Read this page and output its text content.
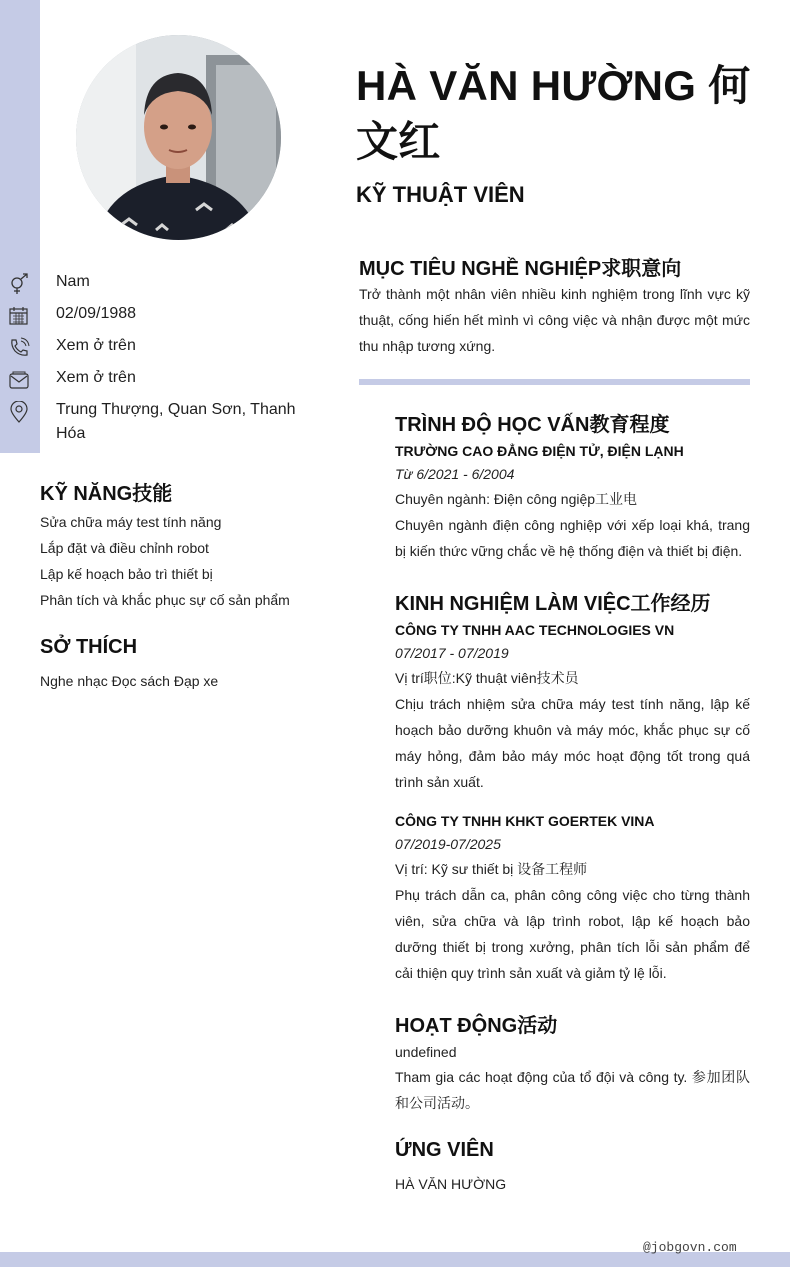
Nam
02/09/1988
Xem ở trên
Xem ở trên
Trung Thượng, Quan Sơn, Thanh Hóa
KỸ NĂNG技能
Sửa chữa máy test tính năng
Lắp đặt và điều chỉnh robot
Lập kế hoạch bảo trì thiết bị
Phân tích và khắc phục sự cố sản phẩm
SỞ THÍCH
Nghe nhạc Đọc sách Đạp xe
HÀ VĂN HƯỜNG 何文红
KỸ THUẬT VIÊN
MỤC TIÊU NGHỀ NGHIỆP求职意向
Trở thành một nhân viên nhiều kinh nghiệm trong lĩnh vực kỹ thuật, cống hiến hết mình vì công việc và nhận được một mức thu nhập tương xứng.
TRÌNH ĐỘ HỌC VẤN教育程度
TRƯỜNG CAO ĐẲNG ĐIỆN TỬ, ĐIỆN LẠNH
Từ 6/2021 - 6/2004
Chuyên ngành: Điện công ngiệp工业电
Chuyên ngành điện công nghiệp với xếp loại khá, trang bị kiến thức vững chắc về hệ thống điện và thiết bị điện.
KINH NGHIỆM LÀM VIỆC工作经历
CÔNG TY TNHH AAC TECHNOLOGIES VN
07/2017 - 07/2019
Vị trí职位:Kỹ thuật viên技术员
Chịu trách nhiệm sửa chữa máy test tính năng, lập kế hoạch bảo dưỡng khuôn và máy móc, khắc phục sự cố máy hỏng, đảm bảo máy móc hoạt động tốt trong quá trình sản xuất.
CÔNG TY TNHH KHKT GOERTEK VINA
07/2019-07/2025
Vị trí: Kỹ sư thiết bị 设备工程师
Phụ trách dẫn ca, phân công công việc cho từng thành viên, sửa chữa và lập trình robot, lập kế hoạch bảo dưỡng thiết bị trong xưởng, phân tích lỗi sản phẩm để cải thiện quy trình sản xuất và giảm tỷ lệ lỗi.
HOẠT ĐỘNG活动
undefined
Tham gia các hoạt động của tổ đội và công ty. 参加团队和公司活动。
ỨNG VIÊN
HÀ VĂN HƯỜNG
@jobgovn.com
